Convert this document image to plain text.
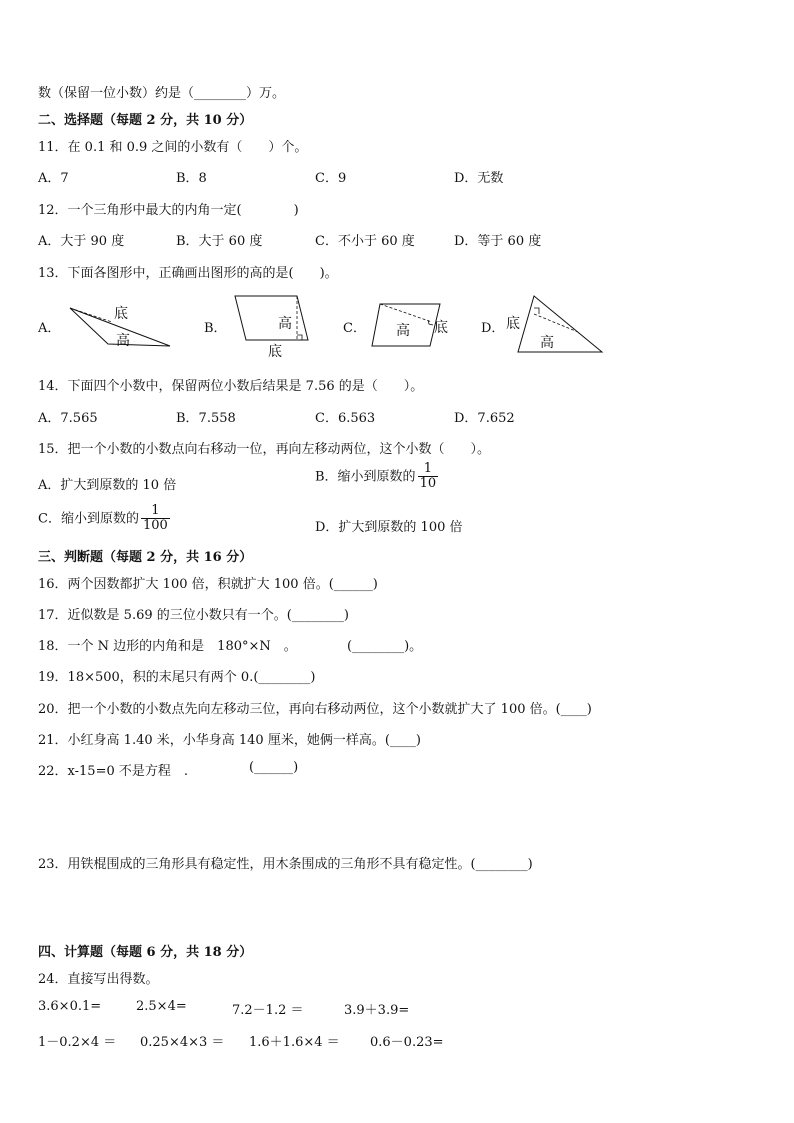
数（保留一位小数）约是（________）万。
二、选择题（每题 2 分，共 10 分）
11．在 0.1 和 0.9 之间的小数有（　　）个。
A．7	B．8	C．9	D．无数
12．一个三角形中最大的内角一定(　　　　)
A．大于 90 度	B．大于 60 度	C．不小于 60 度	D．等于 60 度
13．下面各图形中，正确画出图形的高的是(　　)。
A．
底
高
B．	高
底
C． 高 底	D． 底
高
14．下面四个小数中，保留两位小数后结果是 7.56 的是（　　）。
A．7.565	B．7.558	C．6.563	D．7.652
15．把一个小数的小数点向右移动一位，再向左移动两位，这个小数（　　）。
A．扩大到原数的 10 倍
B．缩小到原数的 $\frac{1}{10}$
C．缩小到原数的 $\frac{1}{100}$	D．扩大到原数的 100 倍
三、判断题（每题 2 分，共 16 分）
16．两个因数都扩大 100 倍，积就扩大 100 倍。(______)
17．近似数是 5.69 的三位小数只有一个。(________)
18．一个 N 边形的内角和是　180°×N　。	(________)。
19．18×500，积的末尾只有两个 0.(________)
20．把一个小数的小数点先向左移动三位，再向右移动两位，这个小数就扩大了 100 倍。(____)
21．小红身高 1.40 米，小华身高 140 厘米，她俩一样高。(____)
22．x-15=0 不是方程　.	(______)
23．用铁棍围成的三角形具有稳定性，用木条围成的三角形不具有稳定性。(________)
四、计算题（每题 6 分，共 18 分）
24．直接写出得数。
3.6×0.1=	2.5×4=	7.2－1.2 ＝	3.9＋3.9=
1－0.2×4 ＝ 0.25×4×3 ＝ 1.6＋1.6×4 ＝ 0.6－0.23=
